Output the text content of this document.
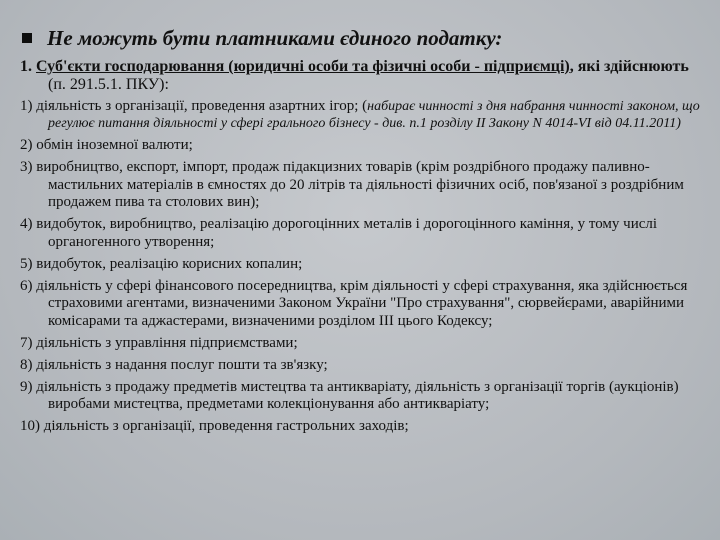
Не можуть бути платниками єдиного податку:
1. Суб'єкти господарювання (юридичні особи та фізичні особи - підприємці), які здійснюють (п. 291.5.1. ПКУ):
1) діяльність з організації, проведення азартних ігор; (набирає чинності з дня набрання чинності законом, що регулює питання діяльності у сфері грального бізнесу - див. п.1 розділу II Закону N 4014-VI від 04.11.2011)
2) обмін іноземної валюти;
3) виробництво, експорт, імпорт, продаж підакцизних товарів (крім роздрібного продажу паливно-мастильних матеріалів в ємностях до 20 літрів та діяльності фізичних осіб, пов'язаної з роздрібним продажем пива та столових вин);
4) видобуток, виробництво, реалізацію дорогоцінних металів і дорогоцінного каміння, у тому числі органогенного утворення;
5) видобуток, реалізацію корисних копалин;
6) діяльність у сфері фінансового посередництва, крім діяльності у сфері страхування, яка здійснюється страховими агентами, визначеними Законом України "Про страхування", сюрвейєрами, аварійними комісарами та аджастерами, визначеними розділом ІІІ цього Кодексу;
7) діяльність з управління підприємствами;
8) діяльність з надання послуг пошти та зв'язку;
9) діяльність з продажу предметів мистецтва та антикваріату, діяльність з організації торгів (аукціонів) виробами мистецтва, предметами колекціонування або антикваріату;
10) діяльність з організації, проведення гастрольних заходів;
